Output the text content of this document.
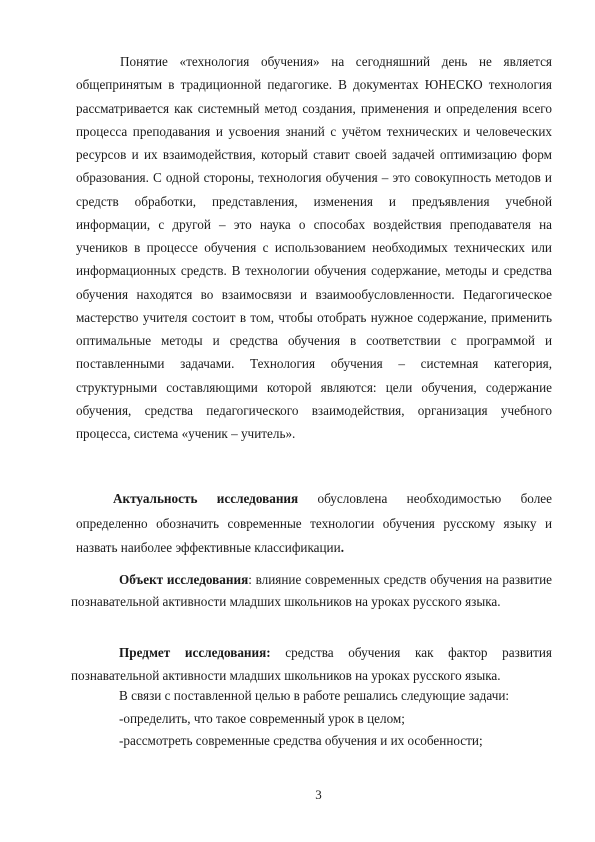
Понятие «технология обучения» на сегодняшний день не является общепринятым в традиционной педагогике. В документах ЮНЕСКО технология рассматривается как системный метод создания, применения и определения всего процесса преподавания и усвоения знаний с учётом технических и человеческих ресурсов и их взаимодействия, который ставит своей задачей оптимизацию форм образования. С одной стороны, технология обучения – это совокупность методов и средств обработки, представления, изменения и предъявления учебной информации, с другой – это наука о способах воздействия преподавателя на учеников в процессе обучения с использованием необходимых технических или информационных средств. В технологии обучения содержание, методы и средства обучения находятся во взаимосвязи и взаимообусловленности. Педагогическое мастерство учителя состоит в том, чтобы отобрать нужное содержание, применить оптимальные методы и средства обучения в соответствии с программой и поставленными задачами. Технология обучения – системная категория, структурными составляющими которой являются: цели обучения, содержание обучения, средства педагогического взаимодействия, организация учебного процесса, система «ученик – учитель».

Актуальность исследования обусловлена необходимостью более определенно обозначить современные технологии обучения русскому языку и назвать наиболее эффективные классификации.

Объект исследования: влияние современных средств обучения на развитие познавательной активности младших школьников на уроках русского языка.

Предмет исследования: средства обучения как фактор развития познавательной активности младших школьников на уроках русского языка.

В связи с поставленной целью в работе решались следующие задачи:

-определить, что такое современный урок в целом;

-рассмотреть современные средства обучения и их особенности;

3
